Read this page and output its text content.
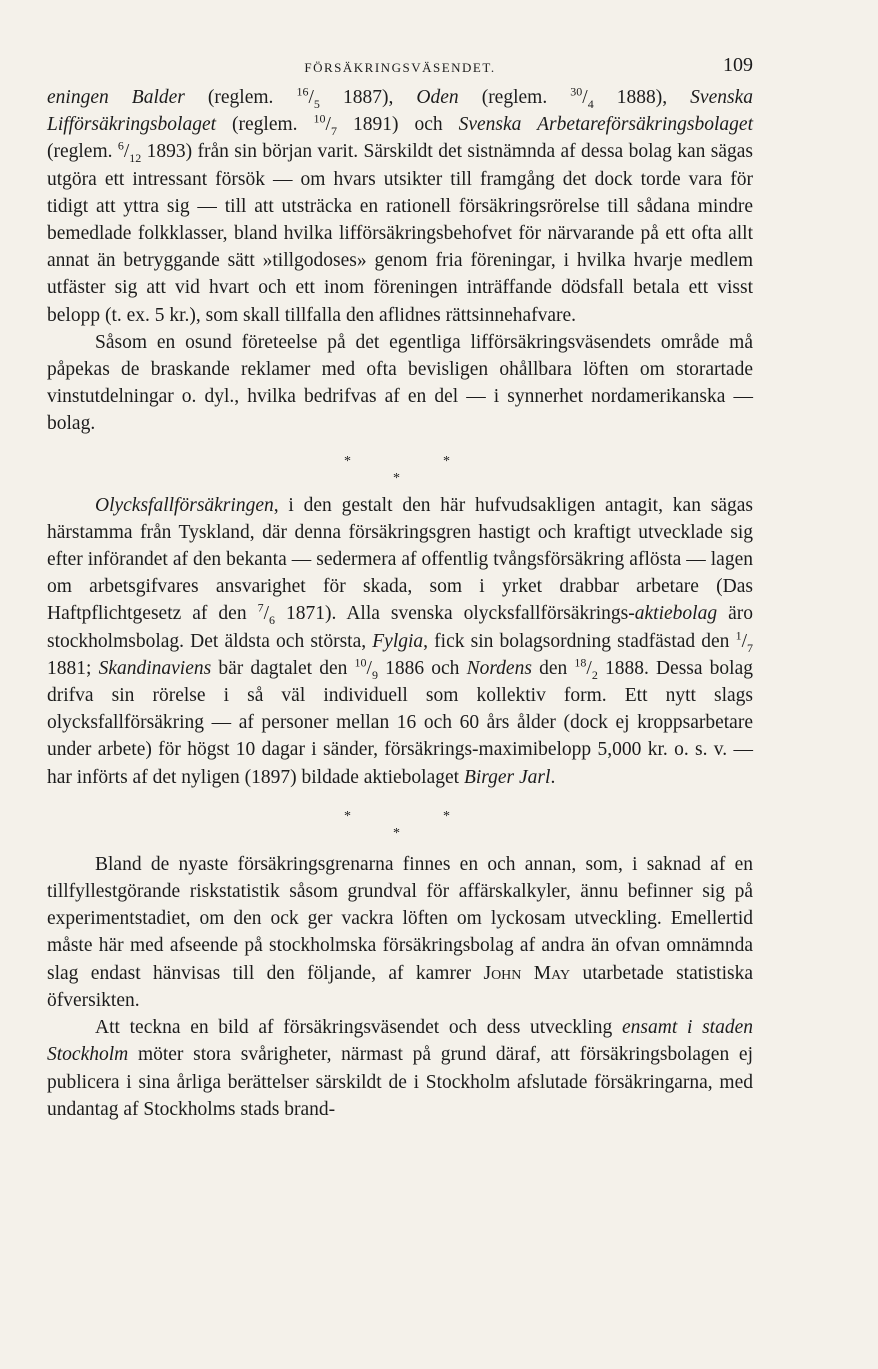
FÖRSÄKRINGSVÄSENDET.	109

eningen Balder (reglem. $^{16}/_5$ 1887), Oden (reglem. $^{30}/_4$ 1888), Svenska Lifförsäkringsbolaget (reglem. $^{10}/_7$ 1891) och Svenska Arbetareförsäkringsbolaget (reglem. $^6/_{12}$ 1893) från sin början varit. Särskildt det sistnämnda af dessa bolag kan sägas utgöra ett intressant försök — om hvars utsikter till framgång det dock torde vara för tidigt att yttra sig — till att utsträcka en rationell försäkringsrörelse till sådana mindre bemedlade folkklasser, bland hvilka lifförsäkringsbehofvet för närvarande på ett ofta allt annat än betryggande sätt »tillgodoses» genom fria föreningar, i hvilka hvarje medlem utfäster sig att vid hvart och ett inom föreningen inträffande dödsfall betala ett visst belopp (t. ex. 5 kr.), som skall tillfalla den aflidnes rättsinnehafvare.

Såsom en osund företeelse på det egentliga lifförsäkringsväsendets område må påpekas de braskande reklamer med ofta bevisligen ohållbara löften om storartade vinstutdelningar o. dyl., hvilka bedrifvas af en del — i synnerhet nordamerikanska — bolag.

*	*
*

Olycksfallförsäkringen, i den gestalt den här hufvudsakligen antagit, kan sägas härstamma från Tyskland, där denna försäkringsgren hastigt och kraftigt utvecklade sig efter införandet af den bekanta — sedermera af offentlig tvångsförsäkring aflösta — lagen om arbetsgifvares ansvarighet för skada, som i yrket drabbar arbetare (Das Haftpflichtgesetz af den $^7/_6$ 1871). Alla svenska olycksfallförsäkrings-aktiebolag äro stockholmsbolag. Det äldsta och största, Fylgia, fick sin bolagsordning stadfästad den $^1/_7$ 1881; Skandinaviens bär dagtalet den $^{10}/_9$ 1886 och Nordens den $^{18}/_2$ 1888. Dessa bolag drifva sin rörelse i så väl individuell som kollektiv form. Ett nytt slags olycksfallförsäkring — af personer mellan 16 och 60 års ålder (dock ej kroppsarbetare under arbete) för högst 10 dagar i sänder, försäkrings-maximibelopp 5,000 kr. o. s. v. — har införts af det nyligen (1897) bildade aktiebolaget Birger Jarl.

*	*
*

Bland de nyaste försäkringsgrenarna finnes en och annan, som, i saknad af en tillfyllestgörande riskstatistik såsom grundval för affärskalkyler, ännu befinner sig på experimentstadiet, om den ock ger vackra löften om lyckosam utveckling. Emellertid måste här med afseende på stockholmska försäkringsbolag af andra än ofvan omnämnda slag endast hänvisas till den följande, af kamrer John May utarbetade statistiska öfversikten.

Att teckna en bild af försäkringsväsendet och dess utveckling ensamt i staden Stockholm möter stora svårigheter, närmast på grund däraf, att försäkringsbolagen ej publicera i sina årliga berättelser särskildt de i Stockholm afslutade försäkringarna, med undantag af Stockholms stads brand-
